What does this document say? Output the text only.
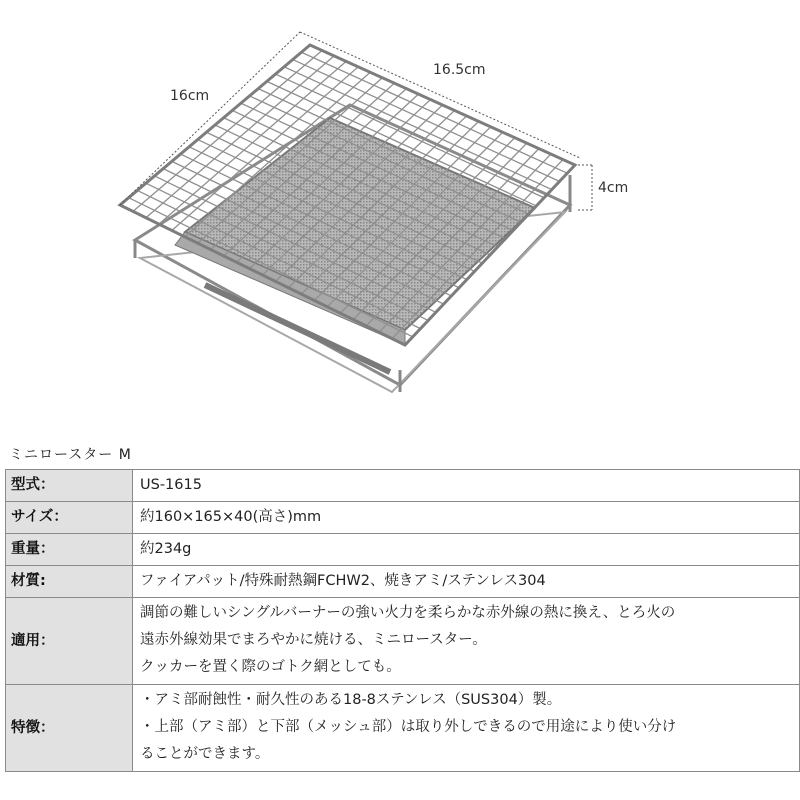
16cm
16.5cm
4cm
ミニロースター M
型式：	US-1615

サイズ：	約160×165×40(高さ)mm

重量：	約234g

材質:	ファイアパット/特殊耐熱鋼FCHW2、焼きアミ/ステンレス304

適用：	調節の難しいシングルバーナーの強い火力を柔らかな赤外線の熱に換え、とろ火の
遠赤外線効果でまろやかに焼ける、ミニロースター。
クッカーを置く際のゴトク網としても。

特徴：	・アミ部耐蝕性・耐久性のある18-8ステンレス（SUS304）製。
・上部（アミ部）と下部（メッシュ部）は取り外しできるので用途により使い分け
ることができます。
